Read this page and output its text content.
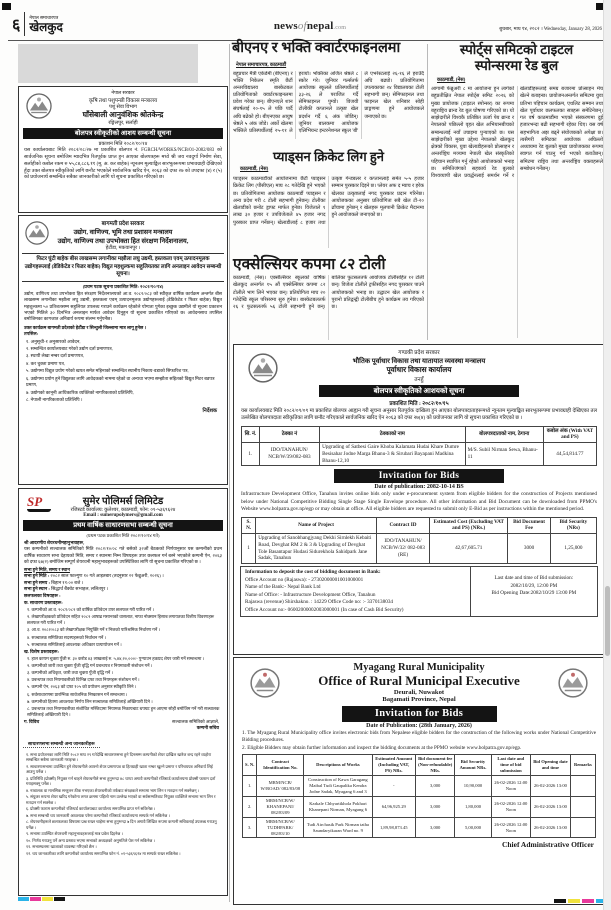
६ नेपाल समाचारपत्र
खेलकुद	newsofnepal.com	बुधबार, माघ १४, २०८२ । Wednesday, January 28, 2026
बीएनए र भक्ति क्वार्टरफाइनलमा
नेपाल समाचारपत्र, काठमाडौं

बहुप्रचार मैत्री एकेडेमी (बीएनए) र भक्ति निकेतन स्मृति छैटौं अन्तरविद्यालय बास्केटबल प्रतियोगिताको क्वार्टरफाइनलमा प्रवेश गरेका छन्। बीएनएले शान संघर्षलाई २०-१५ ले पछि पार्दै अघि बढेको हो। बीएनएका आयुष श्रेष्ठले ५ अंक जोडे। अर्को खेलमा भक्तिले प्रतिस्पर्धीलाई २५-११ ले हरायो। भक्तिका अजित श्रेष्ठले ८ स्कोर गरे। जुनियर गर्ल्सतर्फ आयोजक स्कूलले प्रतिस्पर्धीलाई ३३-२६ ले पराजित गर्दै सेमिफाइनल पुग्यो। विजयी टोलीकी कप्तानले उत्कृष्ट खेल प्रदर्शन गर्दै ६ अंक जोडिन्। जुनियर बालकमा आयोजक एलिभियन्ट इन्टरनेशनल स्कूल 'बी' ले एभरेस्टलाई २६-१६ ले हराउँदै अघि बढ्यो। प्रतियोगितामा उपत्यकाका २४ विद्यालयका टोली सहभागी छन्। सेमिफाइनल तथा फाइनल खेल शनिबार सोही प्राङ्गणमा हुने आयोजकले जनाएको छ।

स्पोर्ट्स समिटको टाइटल
स्पोन्सरमा रेड बुल
काठमाडौं, (नेस)

आगामी फेब्रुअरी ८ मा आयोजना हुन लागेको बहुप्रतीक्षित नेपाल स्पोर्ट्स समिट २०२६ को मुख्य प्रायोजक (टाइटल स्पोन्सर) का रूपमा बहुराष्ट्रिय ब्रान्ड रेड बुल घोषणा गरिएको छ। यो साझेदारीले विश्वकै प्रतिष्ठित ऊर्जा पेय ब्रान्ड र नेपालको पछिल्लो वृहत खेल अभियानबीचको सम्बन्धलाई नयाँ उचाइमा पुर्‍याएको छ। यस साझेदारीको मुख्य उद्देश्य नेपालको खेलकुद क्षेत्रको विकास, युवा खेलाडीहरूको प्रोत्साहन र अन्तर्राष्ट्रिय मञ्चमा नेपाली खेल संस्कृतिको पहिचान स्थापित गर्नु रहेको आयोजकको भनाइ छ। समितिजंगको सहकार्य रेड बुलको विश्वव्यापी खेल प्रवर्द्धनलाई समर्थन गर्ने र खेलाडीहरूलाई समग्र बजारमा प्रोत्साहन मेच खेल्ने बताइन्छ। प्रायोजनअन्तर्गत समिटमा युवा प्रतिभा पहिचान कार्यक्रम, एथलिट सम्मान तथा खेल पूर्वाधार छलफलका सत्रहरू समेटिनेछन्। गत वर्ष काठमाडौंमा भएको संस्करणमा दुई हजारभन्दा बढी सहभागी रहेका थिए। यस वर्ष सहभागिता अझ बढ्ने संयोजकको अपेक्षा छ। त्यसैगरी समिटका आयोजक अघिल्लो अध्यायमा रेड बुलको मुख्य प्रायोजकका रूपमा स्वागत गर्न पाउनु गर्व भएको बताउँछन्। समिटमा राष्ट्रिय तथा अन्तर्राष्ट्रिय वक्ताहरूले सम्बोधन गर्नेछन्।

प्याड्सन क्रिकेट लिग हुने
काठमाडौं, (नेस)

प्याड्सन काठमाडौंको आयोजनामा छैटौं प्याड्सन क्रिकेट लिग (पीसीएल) माघ २८ गतेदेखि हुने भएको छ। प्रतियोगितामा आयोजक काठमाडौं प्याड्सन र अन्य प्रदेश गरी ८ टोली सहभागी हुनेछन्। टोलीका खेलाडीको छनोट ड्राफ्ट मार्फत हुनेछ। विजेताले १ लाख ३० हजार र उपविजेताले ४५ हजार नगद पुरस्कार प्राप्त गर्नेछन्। खेलाडीलाई ८ हजार तथा उत्कृष्ट गेन्डबलर र कप्तानलाई समेत ५-५ हजार सम्मान पुरस्कार दिइने छ। प्लेयर अफ द म्याच र हरेक खेलका उत्कृष्टलाई नगद पुरस्कार प्रदान गरिनेछ। आयोजकका अनुसार प्रतियोगिता सबै खेल टी-२० ढाँचामा हुनेछन् र खेलहरू मूलपानी क्रिकेट मैदानमा हुने आयोजकले जनाएको छ।

एक्सेल्सियर कपमा ८२ टोली

काठमाडौं, (नेस)। एक्सेल्सियर स्कूलको वार्षिक खेलकुद अन्तर्गत १५ औं एक्सेल्सियर कपमा ८२ टोलीले भाग लिने भएका छन्। प्रतियोगिता माघ २० गतेदेखि स्कूल परिसरमा सुरु हुनेछ। बास्केटबलतर्फ २६ र फुटसलतर्फ ५६ टोली सहभागी हुने छन्। बालिका फुटसलतर्फ आयोजक टोलीसहित १२ टोली छन्। विजेता टोलीले ट्रफीसहित नगद पुरस्कार पाउने आयोजकको भनाइ छ। उद्घाटन खेल आयोजक र पुरानो प्रतिद्वन्द्वी टोलीबीच हुने कार्यक्रम तय गरिएको छ।

नेपाल सरकार
कृषि तथा पशुपन्छी विकास मन्त्रालय
पशु सेवा विभाग
घाँसेबाली आनुवंशिक श्रोतकेन्द्र
रङ्गिलपुर, सर्लाही
बोलपत्र स्वीकृतीको आशय सम्बन्धी सूचना
प्रकाशन मिति २०८२/१०/१४
यस कार्यालयबाट मिति २०८२/०८/२७ मा प्रकाशित बोलपत्र नं. FGRCH/WORKS/NCB/01-2082/083 को सार्वजनिक सूचना बमोजिम म्यादभित्र रितपूर्वक प्राप्त हुन आएका बोलपत्रहरू मध्ये श्री जय नवदुर्गा निर्माण सेवा, सर्लाहीको कबोल रकम रु ५५,८४,८८६.११ (मू. अ. कर बाहेक) न्यूनतम मूल्याङ्कित सारभूतरूपमा प्रभावग्राही देखिएको हुँदा उक्त बोलपत्र स्वीकृतिको लागि छनौट भएकोले सार्वजनिक खरिद ऐन, २०६३ को दफा २७ को उपदफा (४) र (५) को प्रयोजनार्थ सम्बन्धित सबैका जानकारीको लागि यो सूचना प्रकाशित गरिएको छ।
बागमती प्रदेश सरकार
उद्योग, वाणिज्य, भूमि तथा प्रशासन मन्त्रालय
उद्योग, वाणिज्य तथा उपभोक्ता हित संरक्षण निर्देशनालय,
हेटौंडा, मकवानपुर ।
फिटर घुंटी बाहेक बीस लाखसम्म लगानीका मझौला लघु उद्यमी, हस्तकला एवम् उत्पादनमूलक उद्योगहरूलाई (डेडिकेटेड र फिडर बाहेक) विद्युत महशुल्कमा सहुलियतका लागि अनलाइन आवेदन सम्बन्धी सूचना।
(प्रथम पटक सूचना प्रकाशित मिति: २०८२/१०/१४)
उद्योग, वाणिज्य तथा उपभोक्ता हित संरक्षण निर्देशनालयको आ.व. २०८२/०८३ को स्वीकृत वार्षिक कार्यक्रम अन्तर्गत बीस लाखसम्म लगानीका मझौला लघु उद्यमी, हस्तकला एवम् उत्पादनमूलक उद्योगहरूलाई (डेडिकेटेड र फिडर बाहेक) विद्युत महशुल्कमा ५० प्रतिशतसम्म सहुलियत उपलब्ध गराउने कार्यक्रम रहेकोले योग्यता पुगेका इच्छुक उद्यमीले यो सूचना प्रकाशन भएको मितिले ३० दिनभित्र अनलाइन मार्फत आवेदन दिनुहुन यो सूचना प्रकाशित गरिएको छ। आवेदनसाथ तपसिल बमोजिमका कागजात अनिवार्य रूपमा संलग्न गर्नुपर्नेछ।
उक्त कार्यक्रम बागमती प्रदेशको हेटौंडा र सिन्धुली जिल्लामा मात्र लागू हुनेछ ।
तपसिल:
१. अनुसूची-१ अनुसारको आवेदन,
२. सम्बन्धित कार्यालयबाट गरेको उद्योग दर्ता प्रमाणपत्र,
३. स्थायी लेखा नम्बर दर्ता प्रमाणपत्र,
४. कर चुक्ता प्रमाण पत्र,
५. उद्योगमा विद्युत प्रयोग गरेको खपत समेत महिनाको सम्बन्धित स्थानीय निकाय-वडाको सिफारिश पत्र,
६. उद्योगमा प्रयोग हुने विद्युतका लागि आवेदकको नाममा रहेको वा अन्यथा भएमा सम्झौता सहितको विद्युत मिटर बडपत्र प्रमाण,
७. उद्योगको कानूनी आधिकारिक व्यक्तिको नागरिकताको प्रतिलिपि,
८. नेपाली नागरिकताको प्रतिलिपि ।
निर्देशक
SP	सुमेर पोलिमर्स लिमिटेड
रजिस्टर्ड कार्यालय: कुलेश्वर, काठमाडौं, फोन: ०१-५३६९६२४
Email : sumerupolymers@gmail.com
प्रथम वार्षिक साधारणसभा सम्बन्धी सूचना
(प्रथम पटक प्रकाशित मिति २०८२/१०/१४ गते)
श्री आदरणीय शेयरधनीमहानुभावहरू,
यस कम्पनीको सञ्चालक समितिको मिति २०८२/१०/०८ गते बसेको ३२औं बैठकको निर्णयानुसार यस कम्पनीको प्रथम वार्षिक साधारण सभा देहायको मिति, समय र स्थानमा निम्न विषयहरू उपर छलफल गर्न बस्ने भएकोले कम्पनी ऐन, २०६३ को दफा ६७(२) बमोजिम सम्पूर्ण शेयरधनी महानुभावहरूको उपस्थितिका लागि यो सूचना प्रकाशित गरिएको छ ।
सभा हुने मिति, समय र स्थान
सभा हुने मिति : २०८२ साल फाल्गुण १० गते आइतबार (तदनुसार २२ फेब्रुअरी, २०२६) ।
सभा हुने समय : बिहान ११:०० बजे ।
सभा हुने स्थान : सिद्धार्थ बैंक्वेट सभाहल, ललितपुर ।
छलफलका विषयहरू :
क. साधारण प्रस्तावहरू:
१. कम्पनीको आ.व. २०८१/०८२ को वार्षिक प्रतिवेदन उपर छलफल गरी पारित गर्ने ।
२. लेखापरीक्षकको प्रतिवेदन सहित २०८२ आषाढ मसान्तको वासलात, नाफा नोक्सान हिसाब लगायतका वित्तीय विवरणहरू छलफल गरी पारित गर्ने ।
३. आ.व. २०८२/०८३ को लेखापरीक्षक नियुक्ति गर्ने र निजको पारिश्रमिक निर्धारण गर्ने ।
४. सञ्चालक समितिका सदस्यहरूको निर्वाचन गर्ने ।
५. सञ्चालक समितिलाई आवश्यक अधिकार प्रत्यायोजन गर्ने ।
ख. विशेष प्रस्तावहरू:
१. हाल कायम चुक्ता पुँजी रु. ३० करोड ४३ लाखलाई रु. ५,४४,२०,०००/- पुर्‍याउन हकप्रद शेयर जारी गर्ने सम्बन्धमा ।
२. कम्पनीको जारी तथा चुक्ता पुँजी वृद्धि गर्न प्रबन्धपत्र र नियमावली संशोधन गर्ने ।
३. कम्पनीको अधिकृत, जारी तथा चुक्ता पुँजी वृद्धि गर्ने ।
४. प्रबन्धपत्र तथा नियमावलीको विभिन्न दफा तथा नियमहरू संशोधन गर्ने ।
५. कम्पनी ऐन, २०६३ को दफा १०५ को प्रयोजन अनुसार स्वीकृति लिने ।
६. सर्वसाधारणमा प्रारम्भिक सार्वजनिक निष्कासन गर्ने सम्बन्धमा ।
७. कम्पनीको हितमा आवश्यक निर्णय लिन सञ्चालक समितिलाई अख्तियारी दिने ।
८. प्रबन्धपत्र तथा नियमावलीका संशोधित मस्जिदामा नियामक निकायबाट थपघट हुन आएमा सोही बमोजिम गर्ने गरी सञ्चालक समितिलाई अख्तियारी दिने ।
ग. विविध	सञ्चालक समितिको आज्ञाले,
कम्पनी सचिव
साधारणसभा सम्बन्धी अन्य जानकारीहरू
१. सभा प्रयोजनका लागि मिति २०८२ माघ २९ गतेदेखि साधारणसभा हुने दिनसम्म कम्पनीको शेयर दाखिल खारेज बन्द रहने व्यहोरा सम्बन्धित सबैमा जानकारी गराइन्छ ।
२. साधारणसभामा उपस्थित हुने शेयरधनीले आफ्नो शेयर प्रमाणपत्र वा हितग्राही खाता नम्बर खुल्ने प्रमाण र परिचयपत्र अनिवार्य लिई आउनु पर्नेछ ।
३. प्रतिनिधि (प्रोक्सी) नियुक्त गर्न चाहने शेयरधनीले सभा हुनुभन्दा ४८ घण्टा अगावै कम्पनीको रजिस्टर्ड कार्यालयमा प्रोक्सी फाराम दर्ता गराइसक्नु पर्नेछ ।
४. नाबालक वा मानसिक सन्तुलन ठीक नभएका शेयरधनीको तर्फबाट संरक्षकले सभामा भाग लिन र मतदान गर्न सक्नेछन् ।
५. संयुक्त रूपमा शेयर खरिद गरेकोमा लगत क्रममा पहिलो नाम उल्लेख भएको वा सर्वसम्मतिबाट नियुक्त व्यक्तिले सभामा भाग लिन र मतदान गर्न सक्नेछ ।
६. प्रोक्सी फाराम कम्पनीको रजिस्टर्ड कार्यालयबाट कार्यालय समयभित्र प्राप्त गर्न सकिनेछ ।
७. सभा सम्बन्धी थप जानकारी आवश्यक परेमा कम्पनीको रजिस्टर्ड कार्यालयमा सम्पर्क गर्न सकिनेछ ।
८. शेयरधनीहरूले छलफलका विषयमा प्रश्न राख्न चाहेमा सभा हुनुभन्दा ७ दिन अगावै लिखित रूपमा कम्पनी सचिवलाई उपलब्ध गराउनु पर्नेछ ।
९. सभामा उपस्थित शेयरधनी महानुभावहरूलाई मात्र प्रवेश दिइनेछ ।
१०. निर्णय गराउनु पर्ने अन्य प्रस्ताव भएमा सभाको अध्यक्षको अनुमतिले पेश गर्न सकिनेछ ।
११. सभास्थलमा खाजाको व्यवस्था गरिएको छैन ।
१२. थप जानकारीका लागि कम्पनीको कार्यालय समयभित्र फोन नं. ०१-५३६९६२४ मा सम्पर्क राख्न सकिनेछ ।
गण्डकी प्रदेश सरकार
भौतिक पूर्वाधार विकास तथा यातायात व्यवस्था मन्त्रालय
पूर्वाधार विकास कार्यालय
तनहुँ
बोलपत्र स्वीकृतिको आशयको सूचना
प्रकाशित मिति : २०८२/१०/१५
यस कार्यालयबाट मिति २०८२/०९/०९ मा प्रकाशित बोलपत्र आह्वान गरी सूचना अनुसार रितपूर्वक दाखिला हुन आएका बोलपत्रदाताहरूमध्ये न्यूनतम मूल्याङ्कित सारभूतरूपमा प्रभावग्राही देखिएका तल उल्लेखित बोलपत्रदाता स्वीकृतिका लागि छनौट गरिएकाले सार्वजनिक खरिद ऐन २०६३ को दफा २७(४) को प्रयोजनका लागि यो सूचना प्रकाशित गरिएको छ ।
सि. नं.	ठेक्का नं	ठेक्काको नाम	बोलपत्रदाताको नाम, ठेगाना	कबोल अंक (With VAT and PS)
1.	IDO/TANAHUN/ NCB/W/39/082-083	Upgrading of Satbesi Gaire Khoba Kalamata Hudai Khare Dumre Besisahar Jodne Marga Bhanu-3 & Sirubari Bayapani Madkina Bhanu-12,10	M/S. Subil Nirman Sewa, Bhanu-11	44,54,814.77
Invitation for Bids
Date of publication: 2082-10-14 BS
Infrastructure Development Office, Tanahun invites online bids only under e-procurement system from eligible bidders for the construction of Projects mentioned below under National Competitive Bidding Single Stage Single Envelope procedure. All other information and Bid Document can be downloaded from PPMO's Website www.bolpatra.gov.np/egp or may obtain at office. All eligible bidders are requested to submit only E-Bid as per instructions within the mentioned period.
S. N.	Name of Project	Contract ID	Estimated Cost (Excluding VAT and PS) (NRs.)	Bid Document Fee	Bid Security (NRs)
1	Upgrading of Sanobhangjyang Dekhi Sirnlekh Kebaiti Road, Devghat RM 2 & 3 & Upgrading of Devghat Tole Basantapur Hudasi Sidurekhola Sahidpark Jane Sadak, Tanahun	IDO/TANAHUN/ NCB/W/32/ 082-083 (RE)	42,67,605.71	3000	1,25,000
Information to deposit the cost of bidding document in Bank:
Office Account no (Rajaswa): - 27302000001001000001
Name of the Bank:- Nepal Bank Ltd
Name of Office: - Infrastructure Development Office, Tanahun
Rajaswa (revenue) Shirshakno. : 14229 Office Code no: :- 3370138034
Office Account no:- 06002000002003000001 (In case of Cash Bid Security)
Last date and time of Bid submission:
2082/10/29, 12:00 PM
Bid Opening Date:2082/10/29 13:00 PM
Myagang Rural Municipality
Office of Rural Municipal Executive
Deurali, Nuwakot
Bagamati Province, Nepal
Invitation for Bids
Date of Publication: (28th January, 2026)
1. The Myagang Rural Municipality office invites electronic bids from Nepalese eligible bidders for the construction of the following works under National Competitive Bidding procedures.
2. Eligible Bidders may obtain further information and inspect the bidding documents at the PPMO website www.bolpatra.gov.np/egp.
S. N.	Contract Identification No.	Descriptions of Works	Estimated Amount (Including VAT, PS) NRs.	Bid document fee (Non-refundable) NRs.	Bid Security Amount NRs.	Last date and time of bid submission	Bid Opening date and time	Remarks
1.	MRM/NCB/ W/ROAD/ 082/83/08	Construction of Kawa Garagang Maibal Tudi Gaupalika Kendra Jodne Sadak, Myagang 6 and 3	-	3,000	10,90,000	26-02-2026 12:00 Noon	26-02-2026 13:00	
2.	MRM/NCB/W/ KHANEPANI/ 082/83/09	Karkale Chhyartikhola Pokhari Khanepani Nirman, Myagang 6	64,96,925.29	3,000	1,80,000	26-02-2026 12:00 Noon	26-02-2026 13:00	
3.	MRM/NCB/W/ TUDHPARK/ 082/83/10	Tudi Airchasik Park Nirman tatha Saundaryikaran Ward no. 9	1,89,98,873.45	3,000	5,00,000	26-02-2026 12:00 Noon	26-02-2026 13:00	
Chief Administrative Officer
